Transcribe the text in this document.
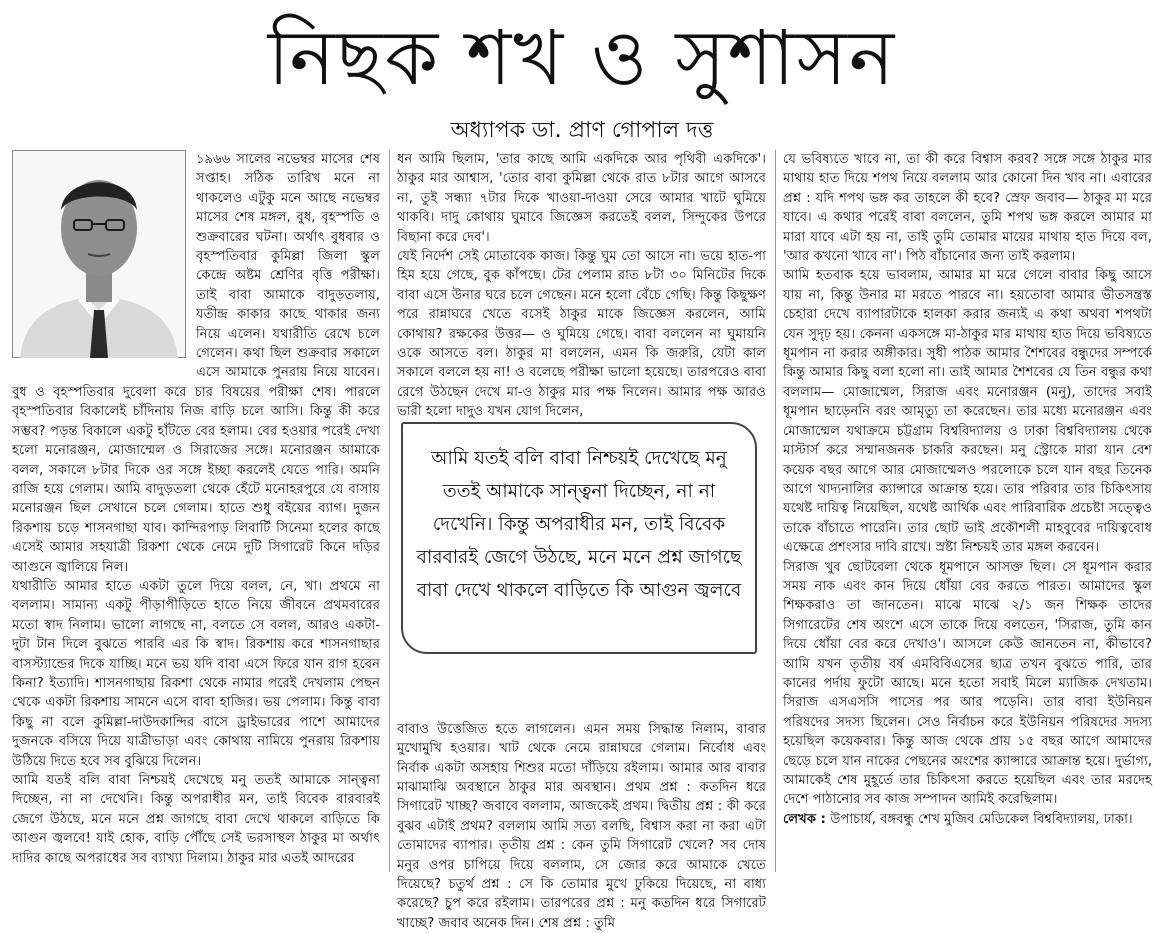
নিছক শখ ও সুশাসন
অধ্যাপক ডা. প্রাণ গোপাল দত্ত

১৯৬৬ সালের নভেম্বর মাসের শেষ সপ্তাহ। সঠিক তারিখ মনে না থাকলেও এটুকু মনে আছে নভেম্বর মাসের শেষ মঙ্গল, বুধ, বৃহস্পতি ও শুক্রবারের ঘটনা। অর্থাৎ বুধবার ও বৃহস্পতিবার কুমিল্লা জিলা স্কুল কেন্দ্রে অষ্টম শ্রেণির বৃত্তি পরীক্ষা। তাই বাবা আমাকে বাদুড়তলায়, যতীন্দ্র কাকার কাছে থাকার জন্য নিয়ে এলেন। যথারীতি রেখে চলে গেলেন। কথা ছিল শুক্রবার সকালে এসে আমাকে পুনরায় নিয়ে যাবেন। বুধ ও বৃহস্পতিবার দুবেলা করে চার বিষয়ের পরীক্ষা শেষ। পারলে বৃহস্পতিবার বিকালেই চাঁদিনায় নিজ বাড়ি চলে আসি। কিন্তু কী করে সম্ভব? পড়ন্ত বিকালে একটু হাঁটতে বের হলাম। বের হওয়ার পরেই দেখা হলো মনোরঞ্জন, মোজাম্মেল ও সিরাজের সঙ্গে। মনোরঞ্জন আমাকে বলল, সকালে ৮টার দিকে ওর সঙ্গে ইচ্ছা করলেই যেতে পারি। অমনি রাজি হয়ে গেলাম। আমি বাদুড়তলা থেকে হেঁটে মনোহরপুরে যে বাসায় মনোরঞ্জন ছিল সেখানে চলে গেলাম। হাতে শুধু বইয়ের ব্যাগ। দুজন রিকশায় চড়ে শাসনগাছা যাব। কান্দিরপাড় লিবার্টি সিনেমা হলের কাছে এসেই আমার সহযাত্রী রিকশা থেকে নেমে দুটি সিগারেট কিনে দড়ির আগুনে জ্বালিয়ে নিল।

যথারীতি আমার হাতে একটা তুলে দিয়ে বলল, নে, খা। প্রথমে না বললাম। সামান্য একটু পীড়াপীড়িতে হাতে নিয়ে জীবনে প্রথমবারের মতো স্বাদ নিলাম। ভালো লাগছে না, বলতে সে বলল, আরও একটা-দুটা টান দিলে বুঝতে পারবি এর কি স্বাদ। রিকশায় করে শাসনগাছার বাসস্ট্যান্ডের দিকে যাচ্ছি। মনে ভয় যদি বাবা এসে ফিরে যান রাগ হবেন কিনা? ইত্যাদি। শাসনগাছায় রিকশা থেকে নামার পরেই দেখলাম পেছন থেকে একটা রিকশায় সামনে এসে বাবা হাজির। ভয় পেলাম। কিন্তু বাবা কিছু না বলে কুমিল্লা-দাউদকান্দির বাসে ড্রাইভারের পাশে আমাদের দুজনকে বসিয়ে দিয়ে যাত্রীভাড়া এবং কোথায় নামিয়ে পুনরায় রিকশায় উঠিয়ে দিতে হবে সব বুঝিয়ে দিলেন।

আমি যতই বলি বাবা নিশ্চয়ই দেখেছে মনু ততই আমাকে সান্ত্বনা দিচ্ছেন, না না দেখেনি। কিন্তু অপরাধীর মন, তাই বিবেক বারবারই জেগে উঠছে, মনে মনে প্রশ্ন জাগছে বাবা দেখে থাকলে বাড়িতে কি আগুন জ্বলবে! যাই হোক, বাড়ি পৌঁছে সেই ভরসাস্থল ঠাকুর মা অর্থাৎ দাদির কাছে অপরাধের সব ব্যাখ্যা দিলাম। ঠাকুর মার এতই আদরের

ধন আমি ছিলাম, 'তার কাছে আমি একদিকে আর পৃথিবী একদিকে'। ঠাকুর মার আশ্বাস, 'তোর বাবা কুমিল্লা থেকে রাত ৮টার আগে আসবে না, তুই সন্ধ্যা ৭টার দিকে খাওয়া-দাওয়া সেরে আমার খাটে ঘুমিয়ে থাকবি। দাদু কোথায় ঘুমাবে জিজ্ঞেস করতেই বলল, সিন্দুকের উপরে বিছানা করে দেব'।

যেই নির্দেশ সেই মোতাবেক কাজ। কিন্তু ঘুম তো আসে না। ভয়ে হাত-পা হিম হয়ে গেছে, বুক কাঁপছে। টের পেলাম রাত ৮টা ৩০ মিনিটের দিকে বাবা এসে উনার ঘরে চলে গেছেন। মনে হলো বেঁচে গেছি। কিন্তু কিছুক্ষণ পরে রান্নাঘরে খেতে বসেই ঠাকুর মাকে জিজ্ঞেস করলেন, আমি কোথায়? রক্ষকের উত্তর— ও ঘুমিয়ে গেছে। বাবা বললেন না ঘুমায়নি ওকে আসতে বল। ঠাকুর মা বললেন, এমন কি জরুরি, যেটা কাল সকালে বললে হয় না! ও বলেছে পরীক্ষা ভালো হয়েছে। তারপরেও বাবা রেগে উঠছেন দেখে মা-ও ঠাকুর মার পক্ষ নিলেন। আমার পক্ষ আরও ভারী হলো দাদুও যখন যোগ দিলেন,

বাবাও উত্তেজিত হতে লাগলেন। এমন সময় সিদ্ধান্ত নিলাম, বাবার মুখোমুখি হওয়ার। খাট থেকে নেমে রান্নাঘরে গেলাম। নির্বোধ এবং নির্বাক একটা অসহায় শিশুর মতো দাঁড়িয়ে রইলাম। আমার আর বাবার মাঝামাঝি অবস্থানে ঠাকুর মার অবস্থান। প্রথম প্রশ্ন : কতদিন ধরে সিগারেট খাচ্ছ? জবাবে বললাম, আজকেই প্রথম। দ্বিতীয় প্রশ্ন : কী করে বুঝব এটাই প্রথম? বললাম আমি সত্য বলছি, বিশ্বাস করা না করা এটা তোমাদের ব্যাপার। তৃতীয় প্রশ্ন : কেন তুমি সিগারেট খেলে? সব দোষ মনুর ওপর চাপিয়ে দিয়ে বললাম, সে জোর করে আমাকে খেতে দিয়েছে? চতুর্থ প্রশ্ন : সে কি তোমার মুখে ঢুকিয়ে দিয়েছে, না বাধ্য করেছে? চুপ করে রইলাম। তারপরের প্রশ্ন : মনু কতদিন ধরে সিগারেট খাচ্ছে? জবাব অনেক দিন। শেষ প্রশ্ন : তুমি

যে ভবিষ্যতে খাবে না, তা কী করে বিশ্বাস করব? সঙ্গে সঙ্গে ঠাকুর মার মাথায় হাত দিয়ে শপথ নিয়ে বললাম আর কোনো দিন খাব না। এবারের প্রশ্ন : যদি শপথ ভঙ্গ কর তাহলে কী হবে? স্রেফ জবাব— ঠাকুর মা মরে যাবে। এ কথার পরেই বাবা বললেন, তুমি শপথ ভঙ্গ করলে আমার মা মারা যাবে এটা হয় না, তাই তুমি তোমার মায়ের মাথায় হাত দিয়ে বল, 'আর কখনো খাবে না'। পিঠ বাঁচানোর জন্য তাই করলাম।

আমি হতবাক হয়ে ভাবলাম, আমার মা মরে গেলে বাবার কিছু আসে যায় না, কিন্তু উনার মা মরতে পারবে না। হয়তোবা আমার ভীতসন্ত্রস্ত চেহারা দেখে ব্যাপারটাকে হালকা করার জন্যই এ কথা অথবা শপথটা যেন সুদৃঢ় হয়। কেননা একসঙ্গে মা-ঠাকুর মার মাথায় হাত দিয়ে ভবিষ্যতে ধূমপান না করার অঙ্গীকার। সুধী পাঠক আমার শৈশবের বন্ধুদের সম্পর্কে কিন্তু আমার কিছু বলা হলো না। তাই আমার শৈশবের যে তিন বন্ধুর কথা বললাম— মোজাম্মেল, সিরাজ এবং মনোরঞ্জন (মনু), তাদের সবাই ধূমপান ছাড়েননি বরং আমৃত্যু তা করেছেন। তার মধ্যে মনোরঞ্জন এবং মোজাম্মেল যথাক্রমে চট্টগ্রাম বিশ্ববিদ্যালয় ও ঢাকা বিশ্ববিদ্যালয় থেকে মাস্টার্স করে সম্মানজনক চাকরি করছেন। মনু স্ট্রোকে মারা যান বেশ কয়েক বছর আগে আর মোজাম্মেলও পরলোকে চলে যান বছর তিনেক আগে খাদ্যনালির ক্যান্সারে আক্রান্ত হয়ে। তার পরিবার তার চিকিৎসায় যথেষ্ট দায়িত্ব নিয়েছিল, যথেষ্ট আর্থিক এবং পারিবারিক প্রচেষ্টা সত্ত্বেও তাকে বাঁচাতে পারেনি। তার ছোট ভাই প্রকৌশলী মাহবুবের দায়িত্ববোধ এক্ষেত্রে প্রশংসার দাবি রাখে। স্রষ্টা নিশ্চয়ই তার মঙ্গল করবেন।

সিরাজ খুব ছোটবেলা থেকে ধূমপানে আসক্ত ছিল। সে ধূমপান করার সময় নাক এবং কান দিয়ে ধোঁয়া বের করতে পারত। আমাদের স্কুল শিক্ষকরাও তা জানতেন। মাঝে মাঝে ২/১ জন শিক্ষক তাদের সিগারেটের শেষ অংশে এসে তাকে দিয়ে বলতেন, 'সিরাজ, তুমি কান দিয়ে ধোঁয়া বের করে দেখাও'। আসলে কেউ জানতেন না, কীভাবে? আমি যখন তৃতীয় বর্ষ এমবিবিএসের ছাত্র তখন বুঝতে পারি, তার কানের পর্দায় ফুটো আছে। মনে হতো সবাই মিলে ম্যাজিক দেখতাম। সিরাজ এসএসসি পাসের পর আর পড়েনি। তার বাবা ইউনিয়ন পরিষদের সদস্য ছিলেন। সেও নির্বাচন করে ইউনিয়ন পরিষদের সদস্য হয়েছিল কয়েকবার। কিন্তু আজ থেকে প্রায় ১৫ বছর আগে আমাদের ছেড়ে চলে যান নাকের পেছনের অংশের ক্যান্সারে আক্রান্ত হয়ে। দুর্ভাগ্য, আমাকেই শেষ মুহূর্তে তার চিকিৎসা করতে হয়েছিল এবং তার মরদেহ দেশে পাঠানোর সব কাজ সম্পাদন আমিই করেছিলাম।

লেখক : উপাচার্য, বঙ্গবন্ধু শেখ মুজিব মেডিকেল বিশ্ববিদ্যালয়, ঢাকা।

আমি যতই বলি বাবা নিশ্চয়ই দেখেছে মনু ততই আমাকে সান্ত্বনা দিচ্ছেন, না না দেখেনি। কিন্তু অপরাধীর মন, তাই বিবেক বারবারই জেগে উঠছে, মনে মনে প্রশ্ন জাগছে বাবা দেখে থাকলে বাড়িতে কি আগুন জ্বলবে
